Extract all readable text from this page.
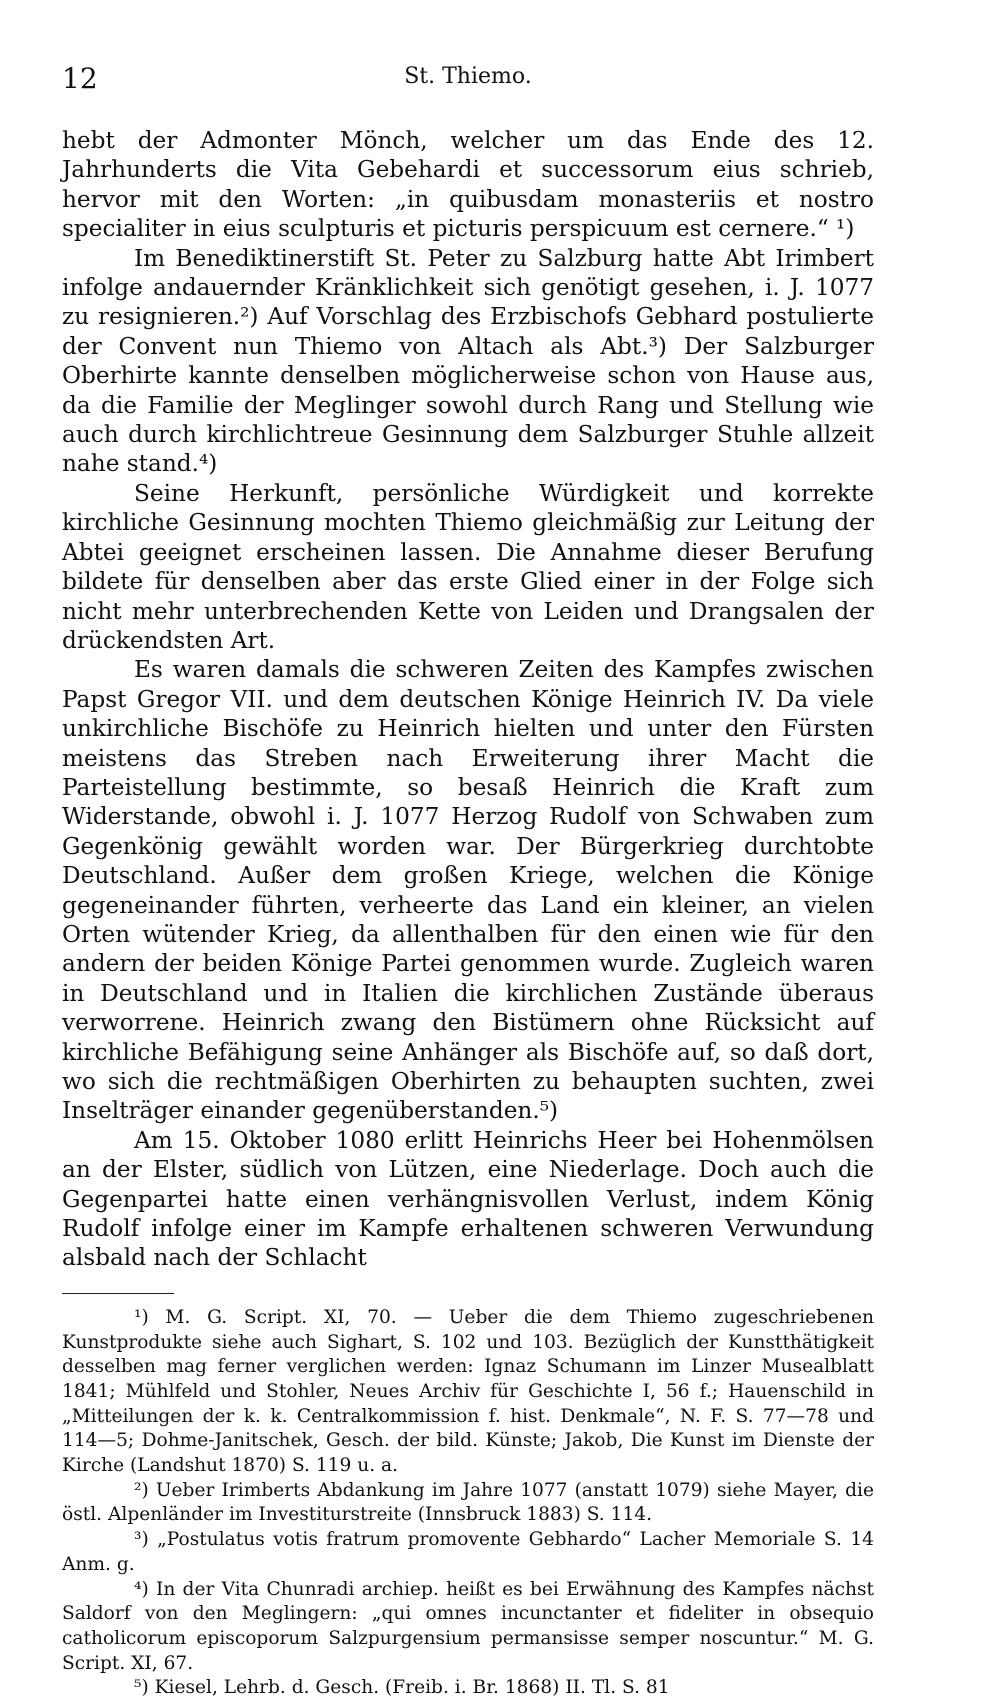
12	St. Thiemo.

hebt der Admonter Mönch, welcher um das Ende des 12. Jahrhunderts die Vita Gebehardi et successorum eius schrieb, hervor mit den Worten: „in quibusdam monasteriis et nostro specialiter in eius sculpturis et picturis perspicuum est cernere.“ ¹)

Im Benediktinerstift St. Peter zu Salzburg hatte Abt Irimbert infolge andauernder Kränklichkeit sich genötigt gesehen, i. J. 1077 zu resignieren.²) Auf Vorschlag des Erzbischofs Gebhard postulierte der Convent nun Thiemo von Altach als Abt.³) Der Salzburger Oberhirte kannte denselben möglicherweise schon von Hause aus, da die Familie der Meglinger sowohl durch Rang und Stellung wie auch durch kirchlichtreue Gesinnung dem Salzburger Stuhle allzeit nahe stand.⁴)

Seine Herkunft, persönliche Würdigkeit und korrekte kirchliche Gesinnung mochten Thiemo gleichmäßig zur Leitung der Abtei geeignet erscheinen lassen. Die Annahme dieser Berufung bildete für denselben aber das erste Glied einer in der Folge sich nicht mehr unterbrechenden Kette von Leiden und Drangsalen der drückendsten Art.

Es waren damals die schweren Zeiten des Kampfes zwischen Papst Gregor VII. und dem deutschen Könige Heinrich IV. Da viele unkirchliche Bischöfe zu Heinrich hielten und unter den Fürsten meistens das Streben nach Erweiterung ihrer Macht die Parteistellung bestimmte, so besaß Heinrich die Kraft zum Widerstande, obwohl i. J. 1077 Herzog Rudolf von Schwaben zum Gegenkönig gewählt worden war. Der Bürgerkrieg durchtobte Deutschland. Außer dem großen Kriege, welchen die Könige gegeneinander führten, verheerte das Land ein kleiner, an vielen Orten wütender Krieg, da allenthalben für den einen wie für den andern der beiden Könige Partei genommen wurde. Zugleich waren in Deutschland und in Italien die kirchlichen Zustände überaus verworrene. Heinrich zwang den Bistümern ohne Rücksicht auf kirchliche Befähigung seine Anhänger als Bischöfe auf, so daß dort, wo sich die rechtmäßigen Oberhirten zu behaupten suchten, zwei Inselträger einander gegenüberstanden.⁵)

Am 15. Oktober 1080 erlitt Heinrichs Heer bei Hohenmölsen an der Elster, südlich von Lützen, eine Niederlage. Doch auch die Gegenpartei hatte einen verhängnisvollen Verlust, indem König Rudolf infolge einer im Kampfe erhaltenen schweren Verwundung alsbald nach der Schlacht

¹) M. G. Script. XI, 70. — Ueber die dem Thiemo zugeschriebenen Kunstprodukte siehe auch Sighart, S. 102 und 103. Bezüglich der Kunstthätigkeit desselben mag ferner verglichen werden: Ignaz Schumann im Linzer Musealblatt 1841; Mühlfeld und Stohler, Neues Archiv für Geschichte I, 56 f.; Hauenschild in „Mitteilungen der k. k. Centralkommission f. hist. Denkmale“, N. F. S. 77—78 und 114—5; Dohme-Janitschek, Gesch. der bild. Künste; Jakob, Die Kunst im Dienste der Kirche (Landshut 1870) S. 119 u. a.

²) Ueber Irimberts Abdankung im Jahre 1077 (anstatt 1079) siehe Mayer, die östl. Alpenländer im Investiturstreite (Innsbruck 1883) S. 114.

³) „Postulatus votis fratrum promovente Gebhardo“ Lacher Memoriale S. 14 Anm. g.

⁴) In der Vita Chunradi archiep. heißt es bei Erwähnung des Kampfes nächst Saldorf von den Meglingern: „qui omnes incunctanter et fideliter in obsequio catholicorum episcoporum Salzpurgensium permansisse semper noscuntur.“ M. G. Script. XI, 67.

⁵) Kiesel, Lehrb. d. Gesch. (Freib. i. Br. 1868) II. Tl. S. 81
